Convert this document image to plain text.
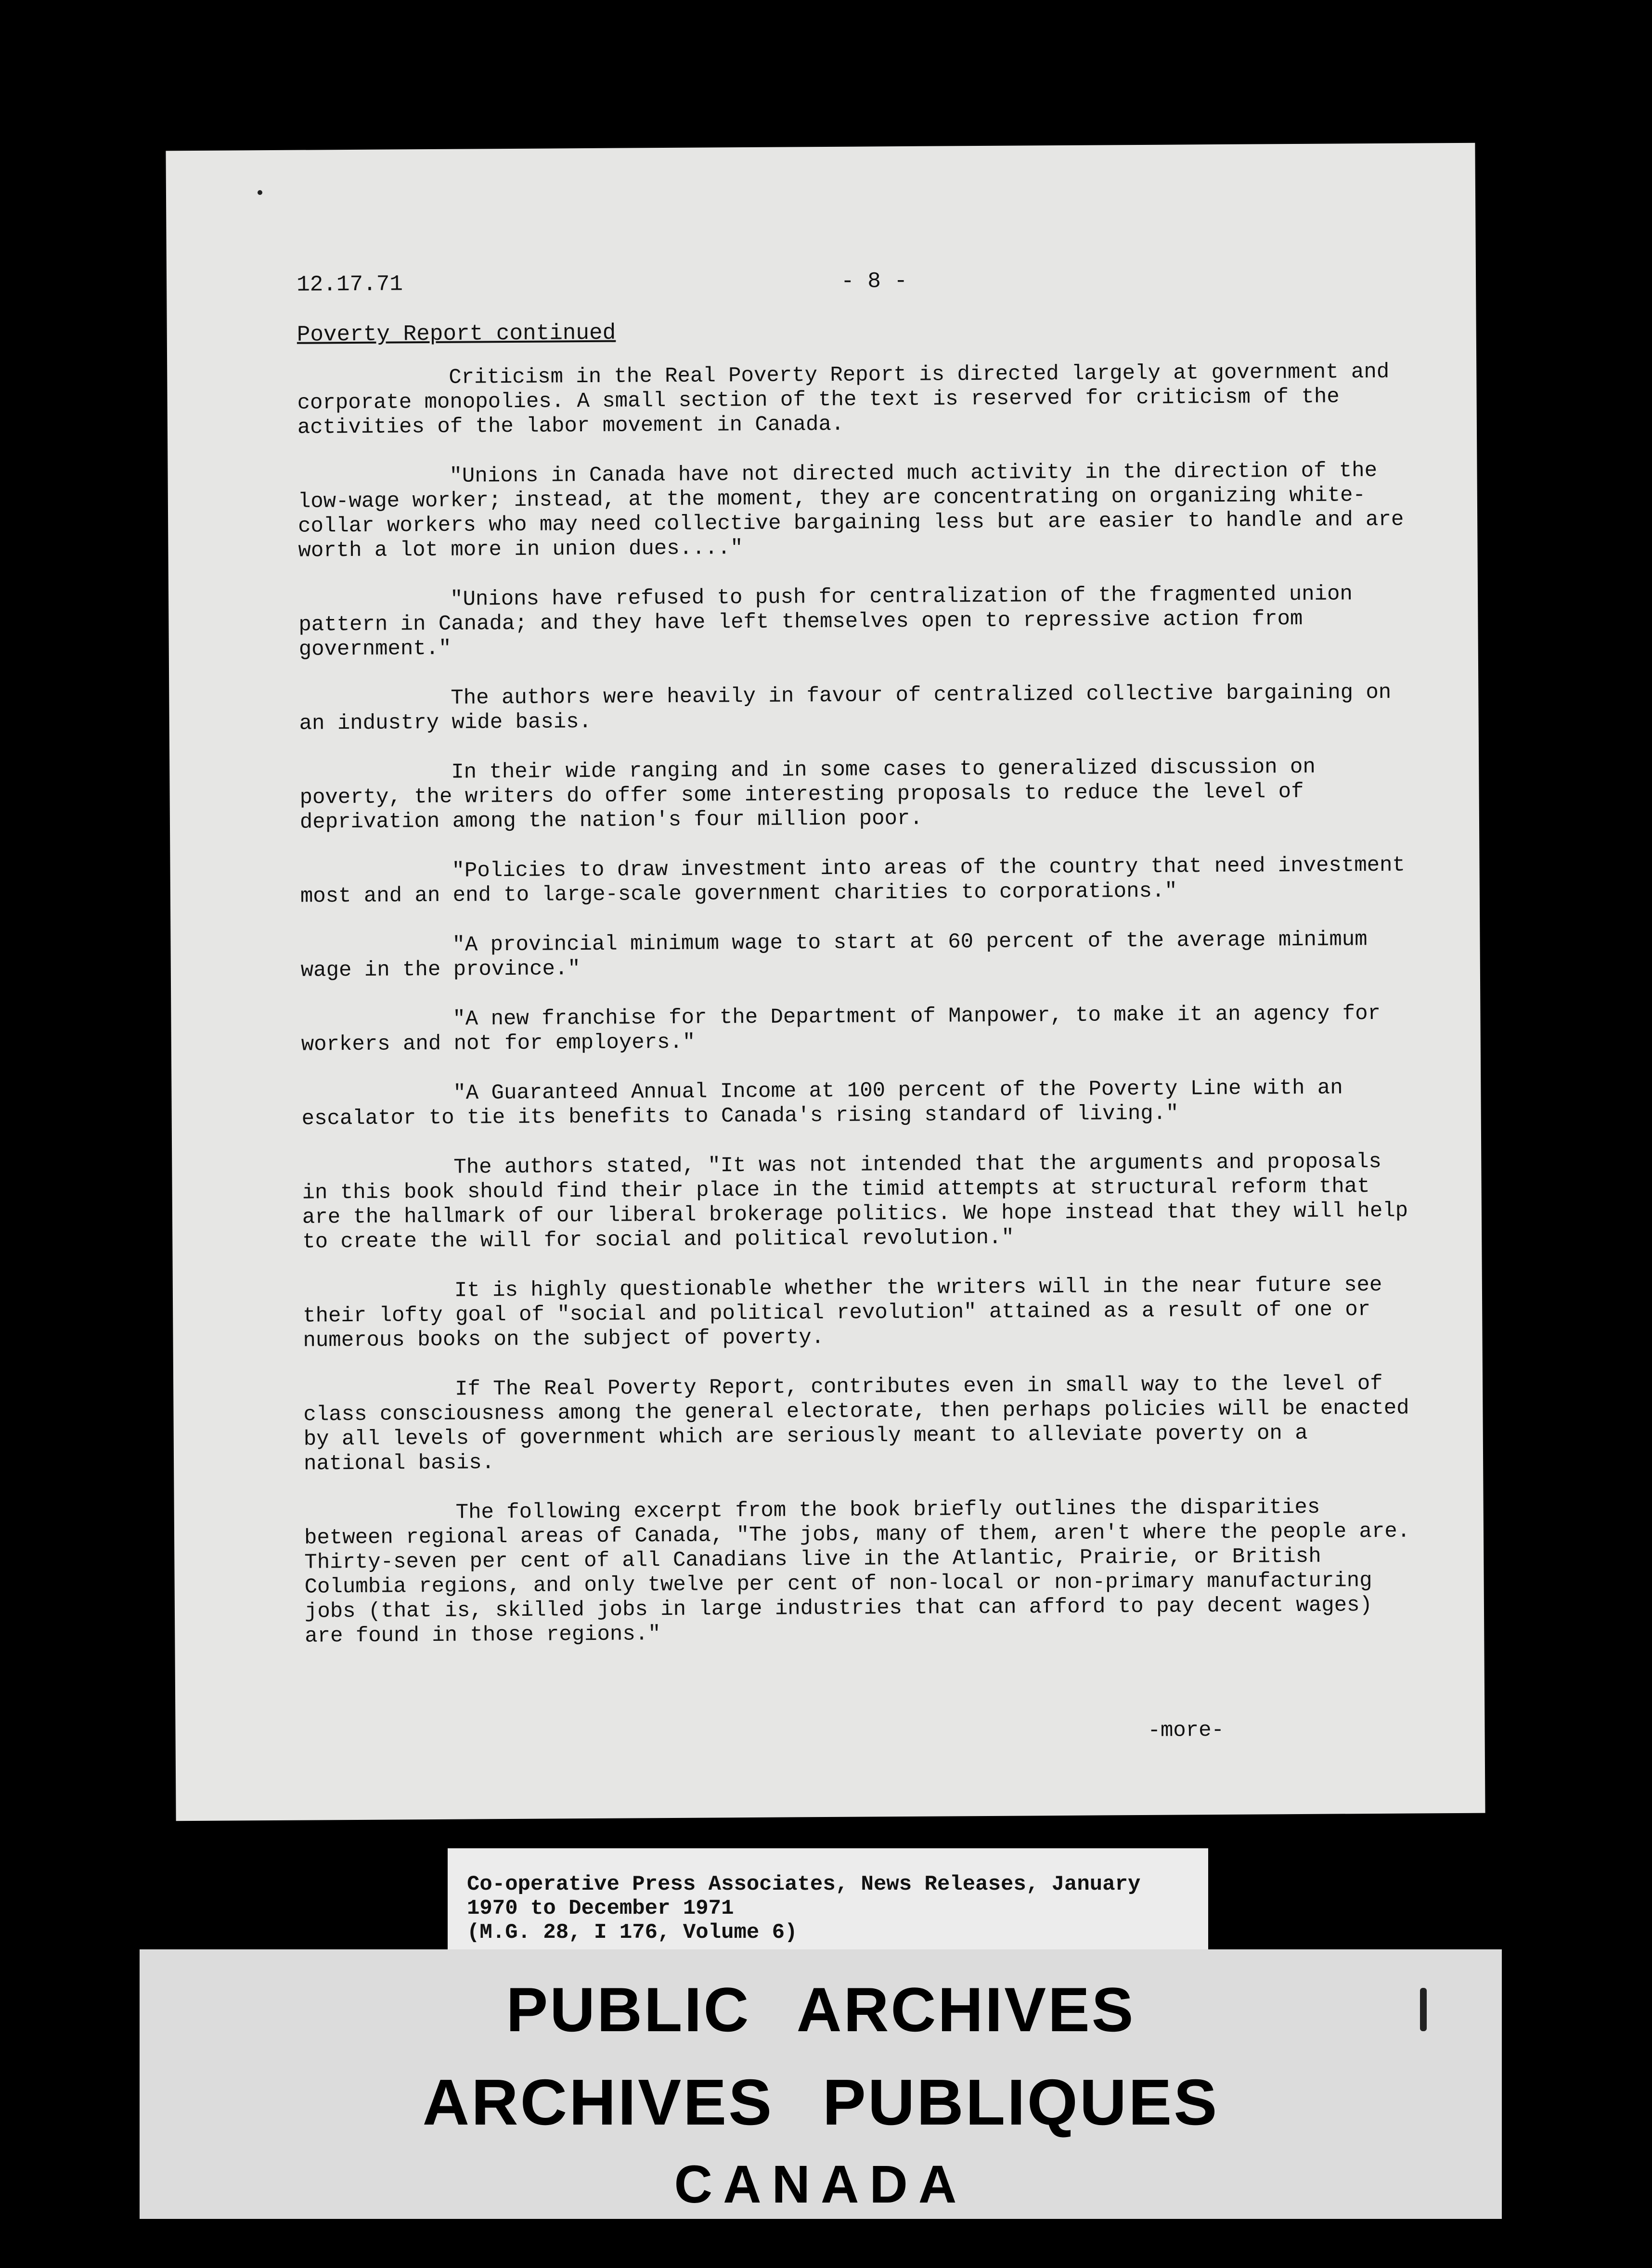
12.17.71	- 8 -
Poverty Report continued

Criticism in the Real Poverty Report is directed largely at government and corporate monopolies. A small section of the text is reserved for criticism of the activities of the labor movement in Canada.

"Unions in Canada have not directed much activity in the direction of the low-wage worker; instead, at the moment, they are concentrating on organizing white-collar workers who may need collective bargaining less but are easier to handle and are worth a lot more in union dues...."

"Unions have refused to push for centralization of the fragmented union pattern in Canada; and they have left themselves open to repressive action from government."

The authors were heavily in favour of centralized collective bargaining on an industry wide basis.

In their wide ranging and in some cases to generalized discussion on poverty, the writers do offer some interesting proposals to reduce the level of deprivation among the nation's four million poor.

"Policies to draw investment into areas of the country that need investment most and an end to large-scale government charities to corporations."

"A provincial minimum wage to start at 60 percent of the average minimum wage in the province."

"A new franchise for the Department of Manpower, to make it an agency for workers and not for employers."

"A Guaranteed Annual Income at 100 percent of the Poverty Line with an escalator to tie its benefits to Canada's rising standard of living."

The authors stated, "It was not intended that the arguments and proposals in this book should find their place in the timid attempts at structural reform that are the hallmark of our liberal brokerage politics. We hope instead that they will help to create the will for social and political revolution."

It is highly questionable whether the writers will in the near future see their lofty goal of "social and political revolution" attained as a result of one or numerous books on the subject of poverty.

If The Real Poverty Report, contributes even in small way to the level of class consciousness among the general electorate, then perhaps policies will be enacted by all levels of government which are seriously meant to alleviate poverty on a national basis.

The following excerpt from the book briefly outlines the disparities between regional areas of Canada, "The jobs, many of them, aren't where the people are. Thirty-seven per cent of all Canadians live in the Atlantic, Prairie, or British Columbia regions, and only twelve per cent of non-local or non-primary manufacturing jobs (that is, skilled jobs in large industries that can afford to pay decent wages) are found in those regions."

-more-
Co-operative Press Associates, News Releases, January
1970 to December 1971
(M.G. 28, I 176, Volume 6)
PUBLIC ARCHIVES
ARCHIVES PUBLIQUES
CANADA
